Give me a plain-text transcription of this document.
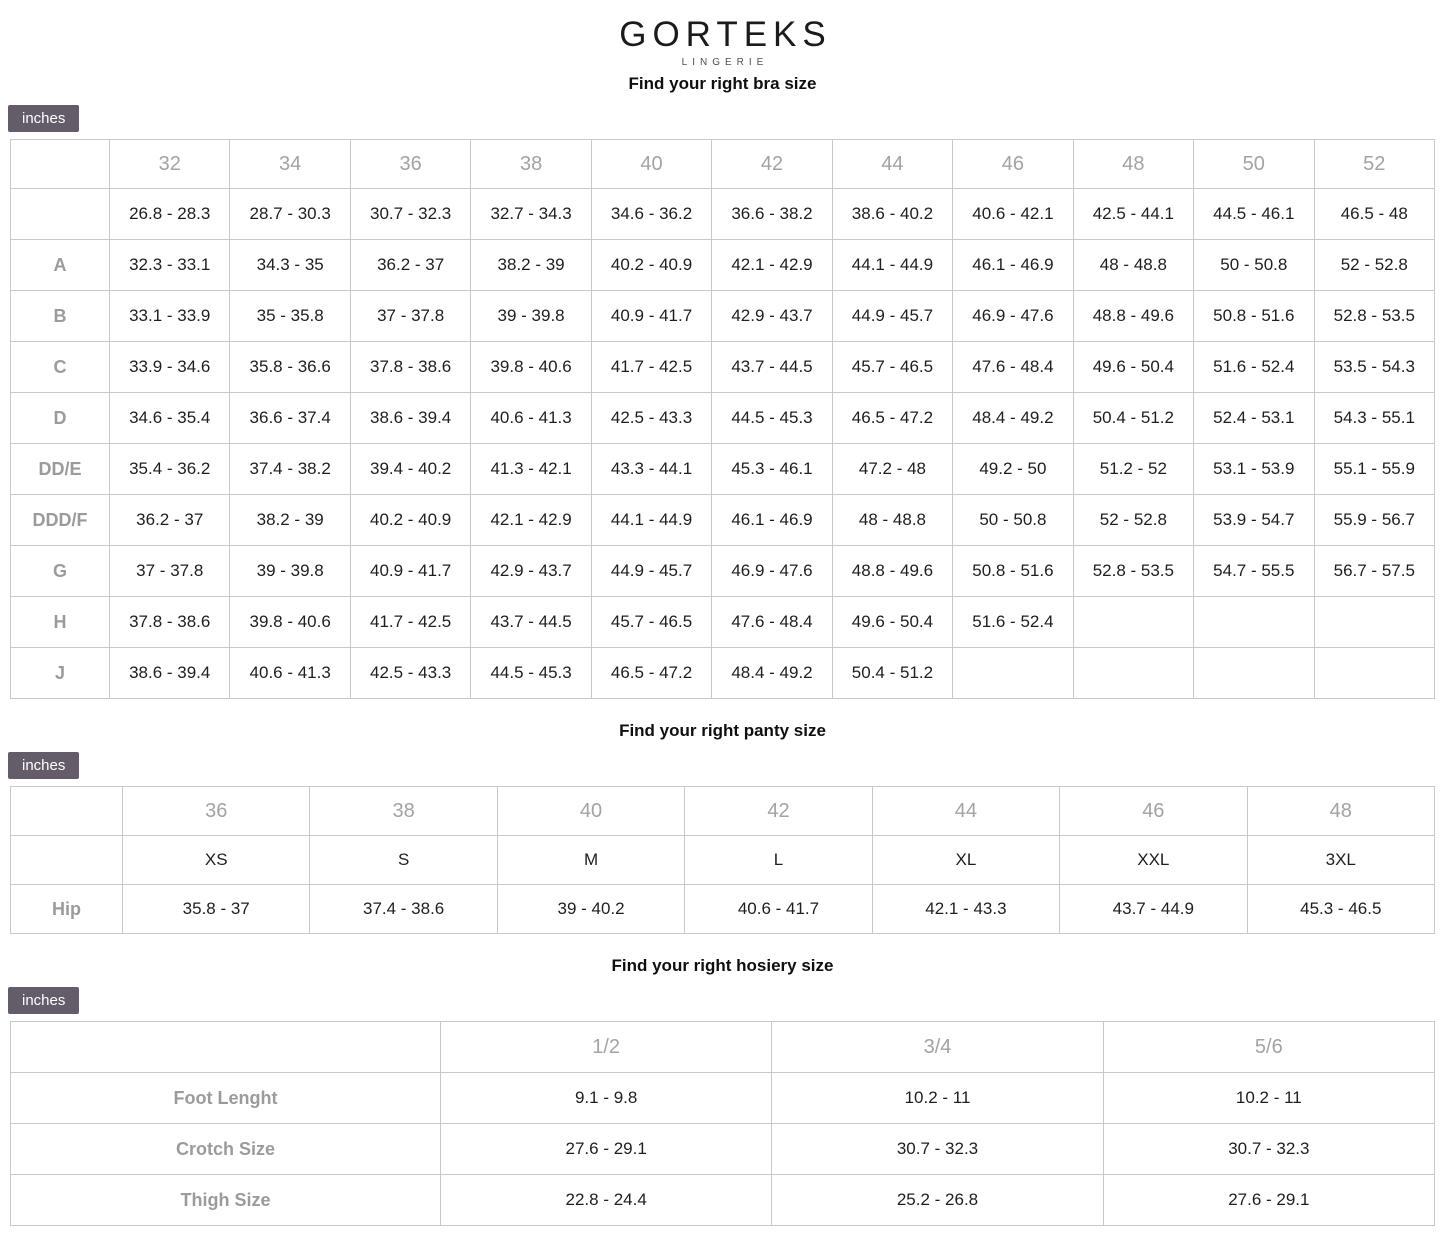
GORTEKS
LINGERIE
Find your right bra size
inches
	32	34	36	38	40	42	44	46	48	50	52
	26.8 - 28.3	28.7 - 30.3	30.7 - 32.3	32.7 - 34.3	34.6 - 36.2	36.6 - 38.2	38.6 - 40.2	40.6 - 42.1	42.5 - 44.1	44.5 - 46.1	46.5 - 48
A	32.3 - 33.1	34.3 - 35	36.2 - 37	38.2 - 39	40.2 - 40.9	42.1 - 42.9	44.1 - 44.9	46.1 - 46.9	48 - 48.8	50 - 50.8	52 - 52.8
B	33.1 - 33.9	35 - 35.8	37 - 37.8	39 - 39.8	40.9 - 41.7	42.9 - 43.7	44.9 - 45.7	46.9 - 47.6	48.8 - 49.6	50.8 - 51.6	52.8 - 53.5
C	33.9 - 34.6	35.8 - 36.6	37.8 - 38.6	39.8 - 40.6	41.7 - 42.5	43.7 - 44.5	45.7 - 46.5	47.6 - 48.4	49.6 - 50.4	51.6 - 52.4	53.5 - 54.3
D	34.6 - 35.4	36.6 - 37.4	38.6 - 39.4	40.6 - 41.3	42.5 - 43.3	44.5 - 45.3	46.5 - 47.2	48.4 - 49.2	50.4 - 51.2	52.4 - 53.1	54.3 - 55.1
DD/E	35.4 - 36.2	37.4 - 38.2	39.4 - 40.2	41.3 - 42.1	43.3 - 44.1	45.3 - 46.1	47.2 - 48	49.2 - 50	51.2 - 52	53.1 - 53.9	55.1 - 55.9
DDD/F	36.2 - 37	38.2 - 39	40.2 - 40.9	42.1 - 42.9	44.1 - 44.9	46.1 - 46.9	48 - 48.8	50 - 50.8	52 - 52.8	53.9 - 54.7	55.9 - 56.7
G	37 - 37.8	39 - 39.8	40.9 - 41.7	42.9 - 43.7	44.9 - 45.7	46.9 - 47.6	48.8 - 49.6	50.8 - 51.6	52.8 - 53.5	54.7 - 55.5	56.7 - 57.5
H	37.8 - 38.6	39.8 - 40.6	41.7 - 42.5	43.7 - 44.5	45.7 - 46.5	47.6 - 48.4	49.6 - 50.4	51.6 - 52.4			
J	38.6 - 39.4	40.6 - 41.3	42.5 - 43.3	44.5 - 45.3	46.5 - 47.2	48.4 - 49.2	50.4 - 51.2				
Find your right panty size
inches
	36	38	40	42	44	46	48
	XS	S	M	L	XL	XXL	3XL
Hip	35.8 - 37	37.4 - 38.6	39 - 40.2	40.6 - 41.7	42.1 - 43.3	43.7 - 44.9	45.3 - 46.5
Find your right hosiery size
inches
	1/2	3/4	5/6
Foot Lenght	9.1 - 9.8	10.2 - 11	10.2 - 11
Crotch Size	27.6 - 29.1	30.7 - 32.3	30.7 - 32.3
Thigh Size	22.8 - 24.4	25.2 - 26.8	27.6 - 29.1
